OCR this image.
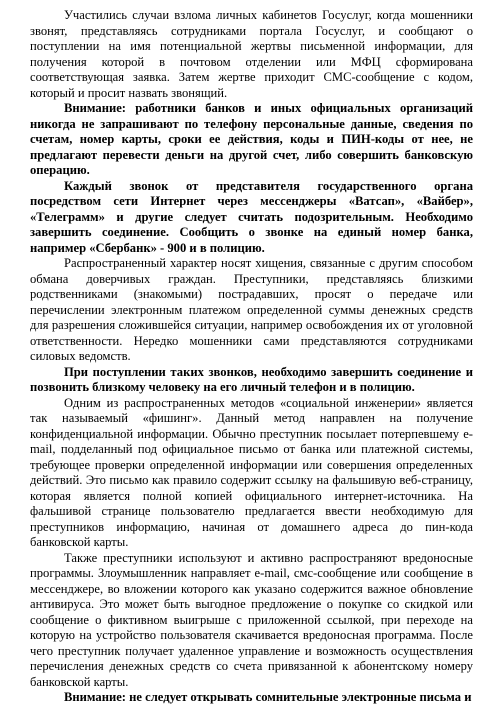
Участились случаи взлома личных кабинетов Госуслуг, когда мошенники звонят, представляясь сотрудниками портала Госуслуг, и сообщают о поступлении на имя потенциальной жертвы письменной информации, для получения которой в почтовом отделении или МФЦ сформирована соответствующая заявка. Затем жертве приходит СМС-сообщение с кодом, который и просит назвать звонящий.

Внимание: работники банков и иных официальных организаций никогда не запрашивают по телефону персональные данные, сведения по счетам, номер карты, сроки ее действия, коды и ПИН-коды от нее, не предлагают перевести деньги на другой счет, либо совершить банковскую операцию.

Каждый звонок от представителя государственного органа посредством сети Интернет через мессенджеры «Ватсап», «Вайбер», «Телеграмм» и другие следует считать подозрительным. Необходимо завершить соединение. Сообщить о звонке на единый номер банка, например «Сбербанк» - 900 и в полицию.

Распространенный характер носят хищения, связанные с другим способом обмана доверчивых граждан. Преступники, представляясь близкими родственниками (знакомыми) пострадавших, просят о передаче или перечислении электронным платежом определенной суммы денежных средств для разрешения сложившейся ситуации, например освобождения их от уголовной ответственности. Нередко мошенники сами представляются сотрудниками силовых ведомств.

При поступлении таких звонков, необходимо завершить соединение и позвонить близкому человеку на его личный телефон и в полицию.

Одним из распространенных методов «социальной инженерии» является так называемый «фишинг». Данный метод направлен на получение конфиденциальной информации. Обычно преступник посылает потерпевшему e-mail, подделанный под официальное письмо от банка или платежной системы, требующее проверки определенной информации или совершения определенных действий. Это письмо как правило содержит ссылку на фальшивую веб-страницу, которая является полной копией официального интернет-источника. На фальшивой странице пользователю предлагается ввести необходимую для преступников информацию, начиная от домашнего адреса до пин-кода банковской карты.

Также преступники используют и активно распространяют вредоносные программы. Злоумышленник направляет e-mail, смс-сообщение или сообщение в мессенджере, во вложении которого как указано содержится важное обновление антивируса. Это может быть выгодное предложение о покупке со скидкой или сообщение о фиктивном выигрыше с приложенной ссылкой, при переходе на которую на устройство пользователя скачивается вредоносная программа. После чего преступник получает удаленное управление и возможность осуществления перечисления денежных средств со счета привязанной к абонентскому номеру банковской карты.

Внимание: не следует открывать сомнительные электронные письма и
